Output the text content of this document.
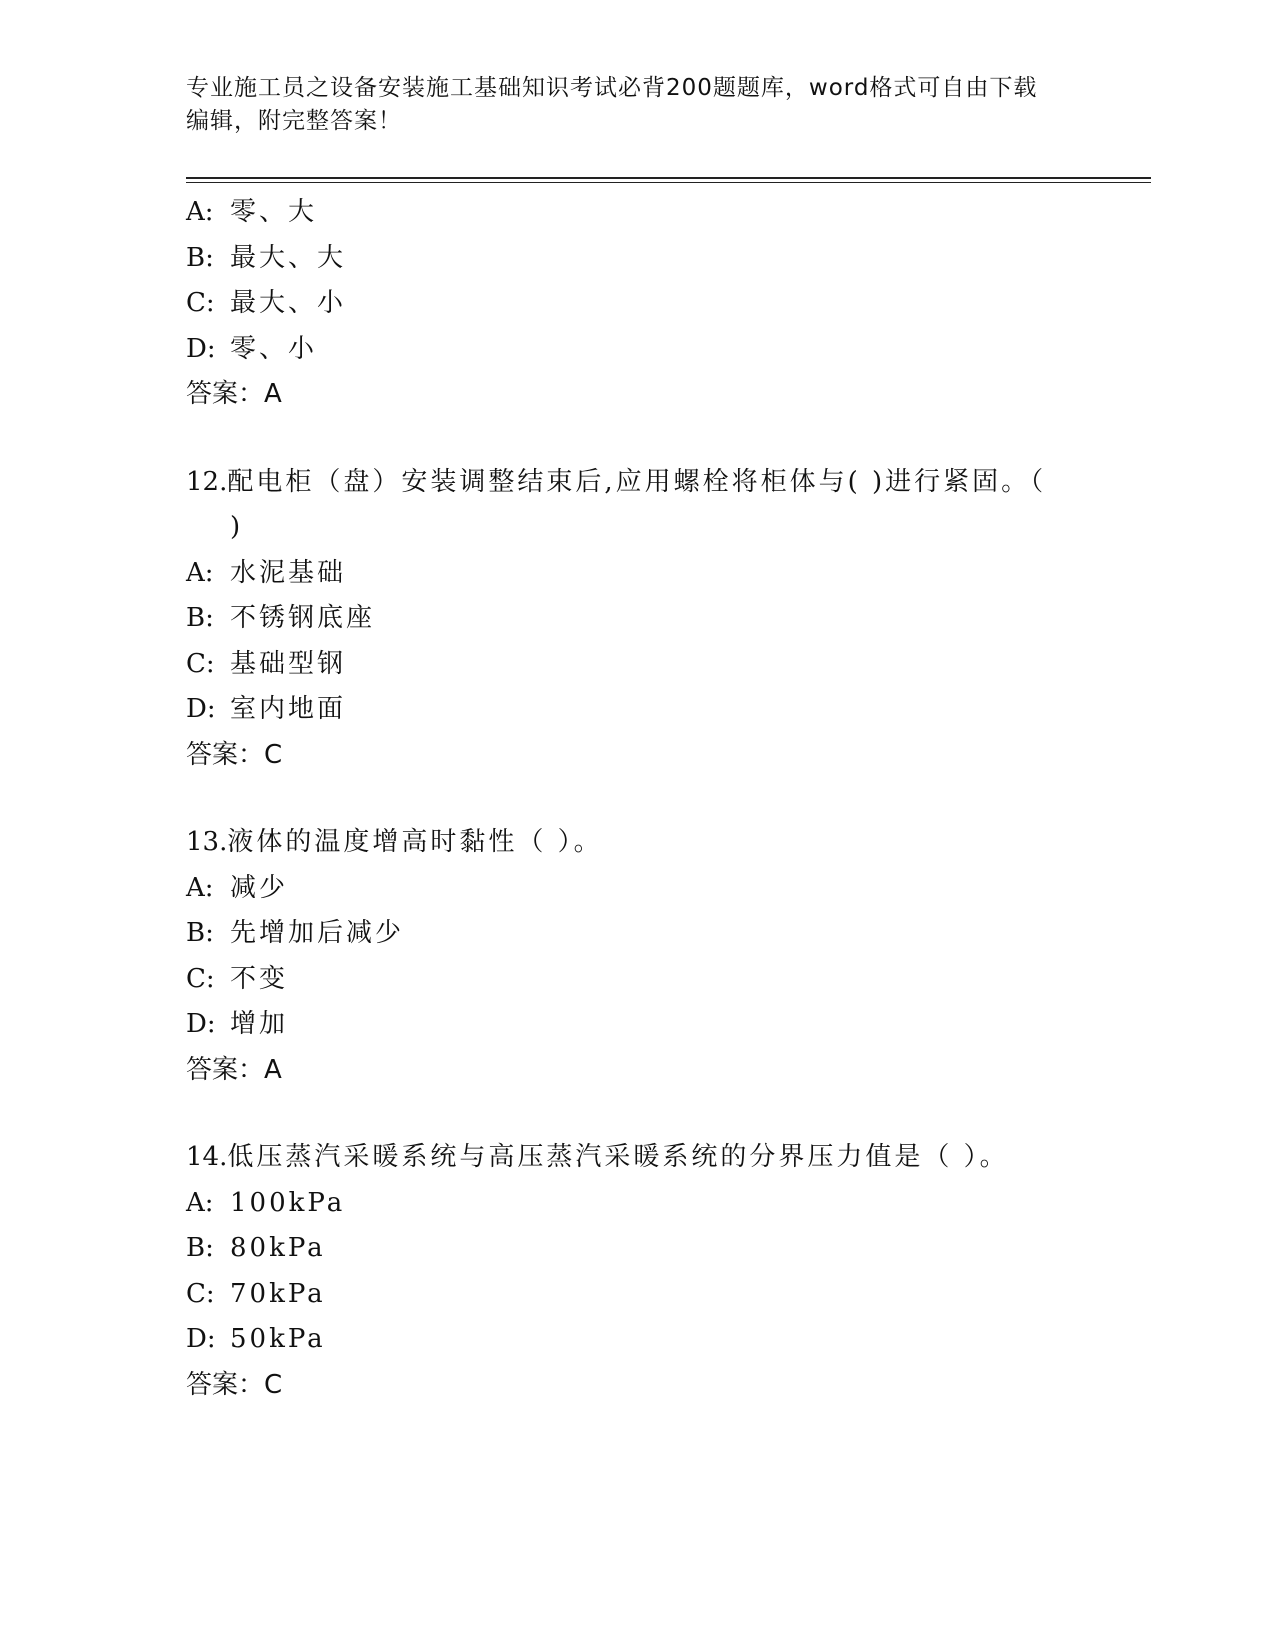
专业施工员之设备安装施工基础知识考试必背200题题库，word格式可自由下载
编辑，附完整答案！
A: 零、大
B: 最大、大
C: 最大、小
D: 零、小
答案：A
12.配电柜（盘）安装调整结束后,应用螺栓将柜体与( )进行紧固。（
)
A: 水泥基础
B: 不锈钢底座
C: 基础型钢
D: 室内地面
答案：C
13.液体的温度增高时黏性（ ）。
A: 减少
B: 先增加后减少
C: 不变
D: 增加
答案：A
14.低压蒸汽采暖系统与高压蒸汽采暖系统的分界压力值是（ ）。
A: 100kPa
B: 80kPa
C: 70kPa
D: 50kPa
答案：C
